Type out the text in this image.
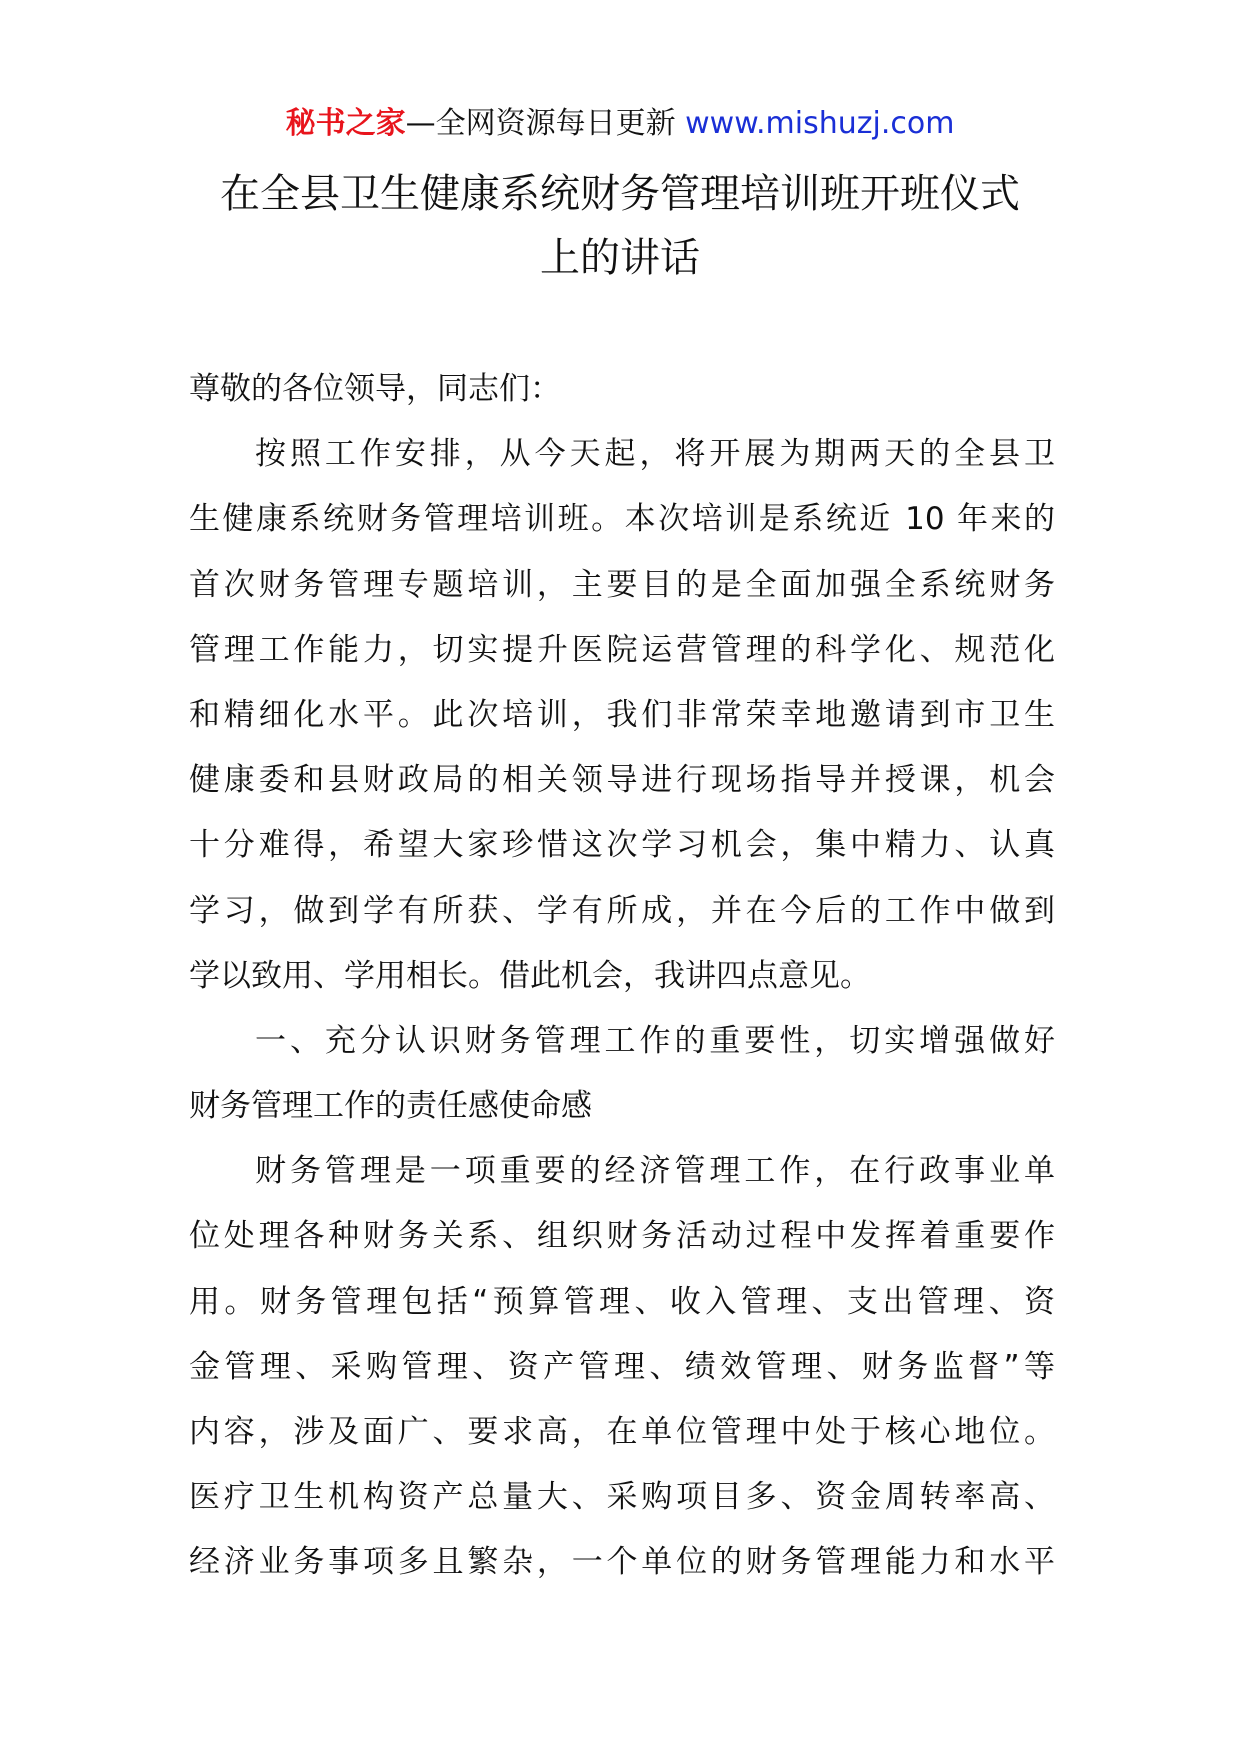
秘书之家—全网资源每日更新 www.mishuzj.com
在全县卫生健康系统财务管理培训班开班仪式
上的讲话
尊敬的各位领导，同志们：
按照工作安排，从今天起，将开展为期两天的全县卫
生健康系统财务管理培训班。本次培训是系统近 10 年来的
首次财务管理专题培训，主要目的是全面加强全系统财务
管理工作能力，切实提升医院运营管理的科学化、规范化
和精细化水平。此次培训，我们非常荣幸地邀请到市卫生
健康委和县财政局的相关领导进行现场指导并授课，机会
十分难得，希望大家珍惜这次学习机会，集中精力、认真
学习，做到学有所获、学有所成，并在今后的工作中做到
学以致用、学用相长。借此机会，我讲四点意见。
一、充分认识财务管理工作的重要性，切实增强做好
财务管理工作的责任感使命感
财务管理是一项重要的经济管理工作，在行政事业单
位处理各种财务关系、组织财务活动过程中发挥着重要作
用。财务管理包括“预算管理、收入管理、支出管理、资
金管理、采购管理、资产管理、绩效管理、财务监督”等
内容，涉及面广、要求高，在单位管理中处于核心地位。
医疗卫生机构资产总量大、采购项目多、资金周转率高、
经济业务事项多且繁杂，一个单位的财务管理能力和水平
